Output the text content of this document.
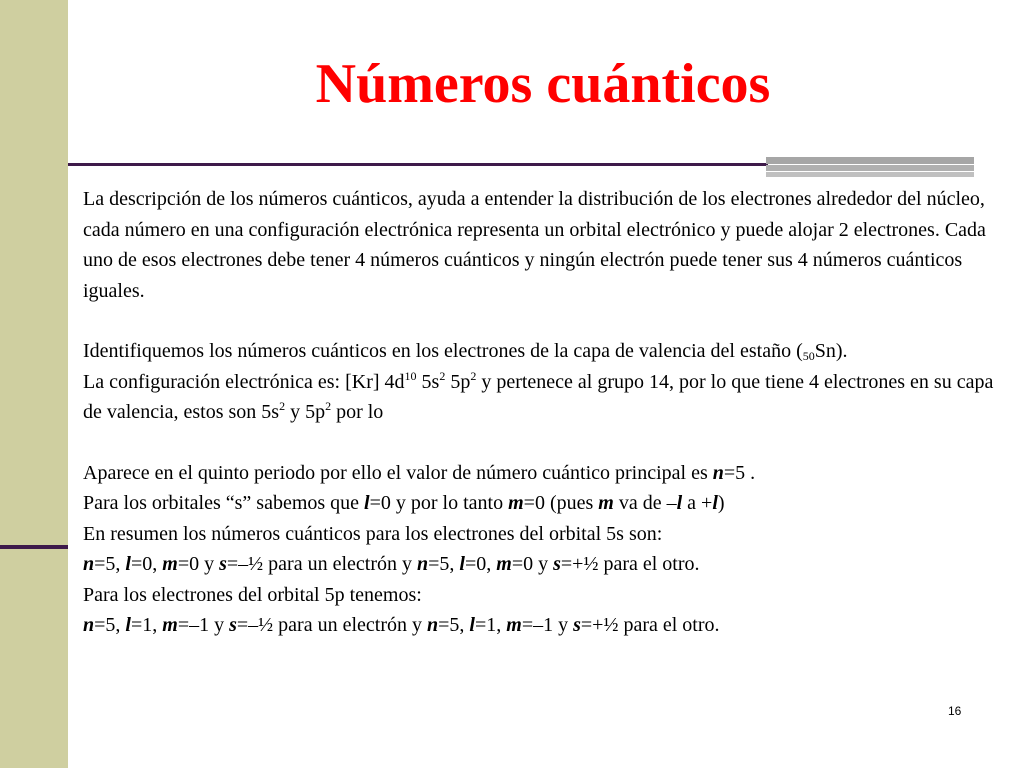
Números cuánticos

La descripción de los números cuánticos, ayuda a entender la distribución de los electrones alrededor del núcleo, cada número en una configuración electrónica representa un orbital electrónico y puede alojar 2 electrones. Cada uno de esos electrones debe tener 4 números cuánticos y ningún electrón puede tener sus 4 números cuánticos iguales.

Identifiquemos los números cuánticos en los electrones de la capa de valencia del estaño $(_{50}Sn)$.

La configuración electrónica es: [Kr] $4d^{10}$ $5s^2$ $5p^2$ y pertenece al grupo 14, por lo que tiene 4 electrones en su capa de valencia, estos son $5s^2$ y $5p^2$ por lo

Aparece en el quinto periodo por ello el valor de número cuántico principal es n=5 .

Para los orbitales “s” sabemos que l=0 y por lo tanto m=0 (pues m va de –l a +l)

En resumen los números cuánticos para los electrones del orbital 5s son:

n=5, l=0, m=0 y s=–½ para un electrón y n=5, l=0, m=0 y s=+½ para el otro.

Para los electrones del orbital 5p tenemos:

n=5, l=1, m=–1 y s=–½ para un electrón y n=5, l=1, m=–1 y s=+½ para el otro.

16
